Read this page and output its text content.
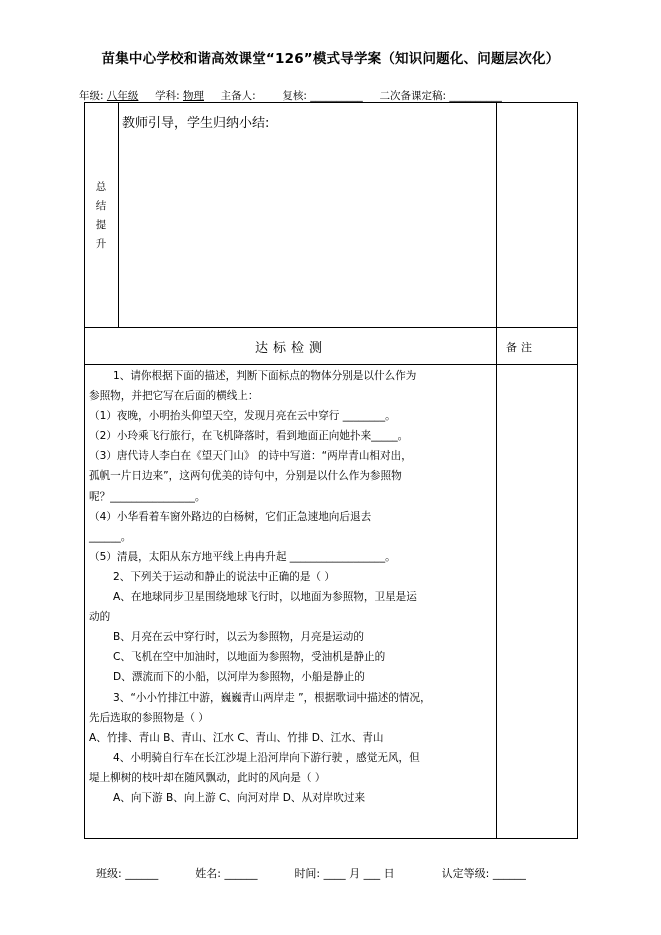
苗集中心学校和谐高效课堂“126”模式导学案（知识问题化、问题层次化）
年级: 八年级 学科: 物理 主备人:	复核: __________ 二次备课定稿: __________
总
结
提
升
教师引导，学生归纳小结:
达标检测	备注

1、请你根据下面的描述，判断下面标点的物体分别是以什么作为

参照物，并把它写在后面的横线上：

（1）夜晚，小明抬头仰望天空，发现月亮在云中穿行 ________。

（2）小玲乘飞行旅行，在飞机降落时，看到地面正向她扑来_____。

（3）唐代诗人李白在《望天门山》 的诗中写道：“两岸青山相对出，

孤帆一片日边来”，这两句优美的诗句中，分别是以什么作为参照物

呢？________________。

（4）小华看着车窗外路边的白杨树，它们正急速地向后退去

______。

（5）清晨，太阳从东方地平线上冉冉升起 __________________。

2、下列关于运动和静止的说法中正确的是（ ）

A、在地球同步卫星围绕地球飞行时，以地面为参照物，卫星是运

动的

B、月亮在云中穿行时，以云为参照物，月亮是运动的

C、飞机在空中加油时，以地面为参照物，受油机是静止的

D、漂流而下的小船，以河岸为参照物，小船是静止的

3、“小小竹排江中游，巍巍青山两岸走 ”，根据歌词中描述的情况，

先后选取的参照物是（ ）

A、竹排、青山 B、青山、江水 C、青山、竹排 D、江水、青山

4、小明骑自行车在长江沙堤上沿河岸向下游行驶 ，感觉无风，但

堤上柳树的枝叶却在随风飘动，此时的风向是（ ）

A、向下游 B、向上游 C、向河对岸 D、从对岸吹过来

班级: ______	姓名: ______	时间: ____ 月 ___ 日	认定等级: ______
